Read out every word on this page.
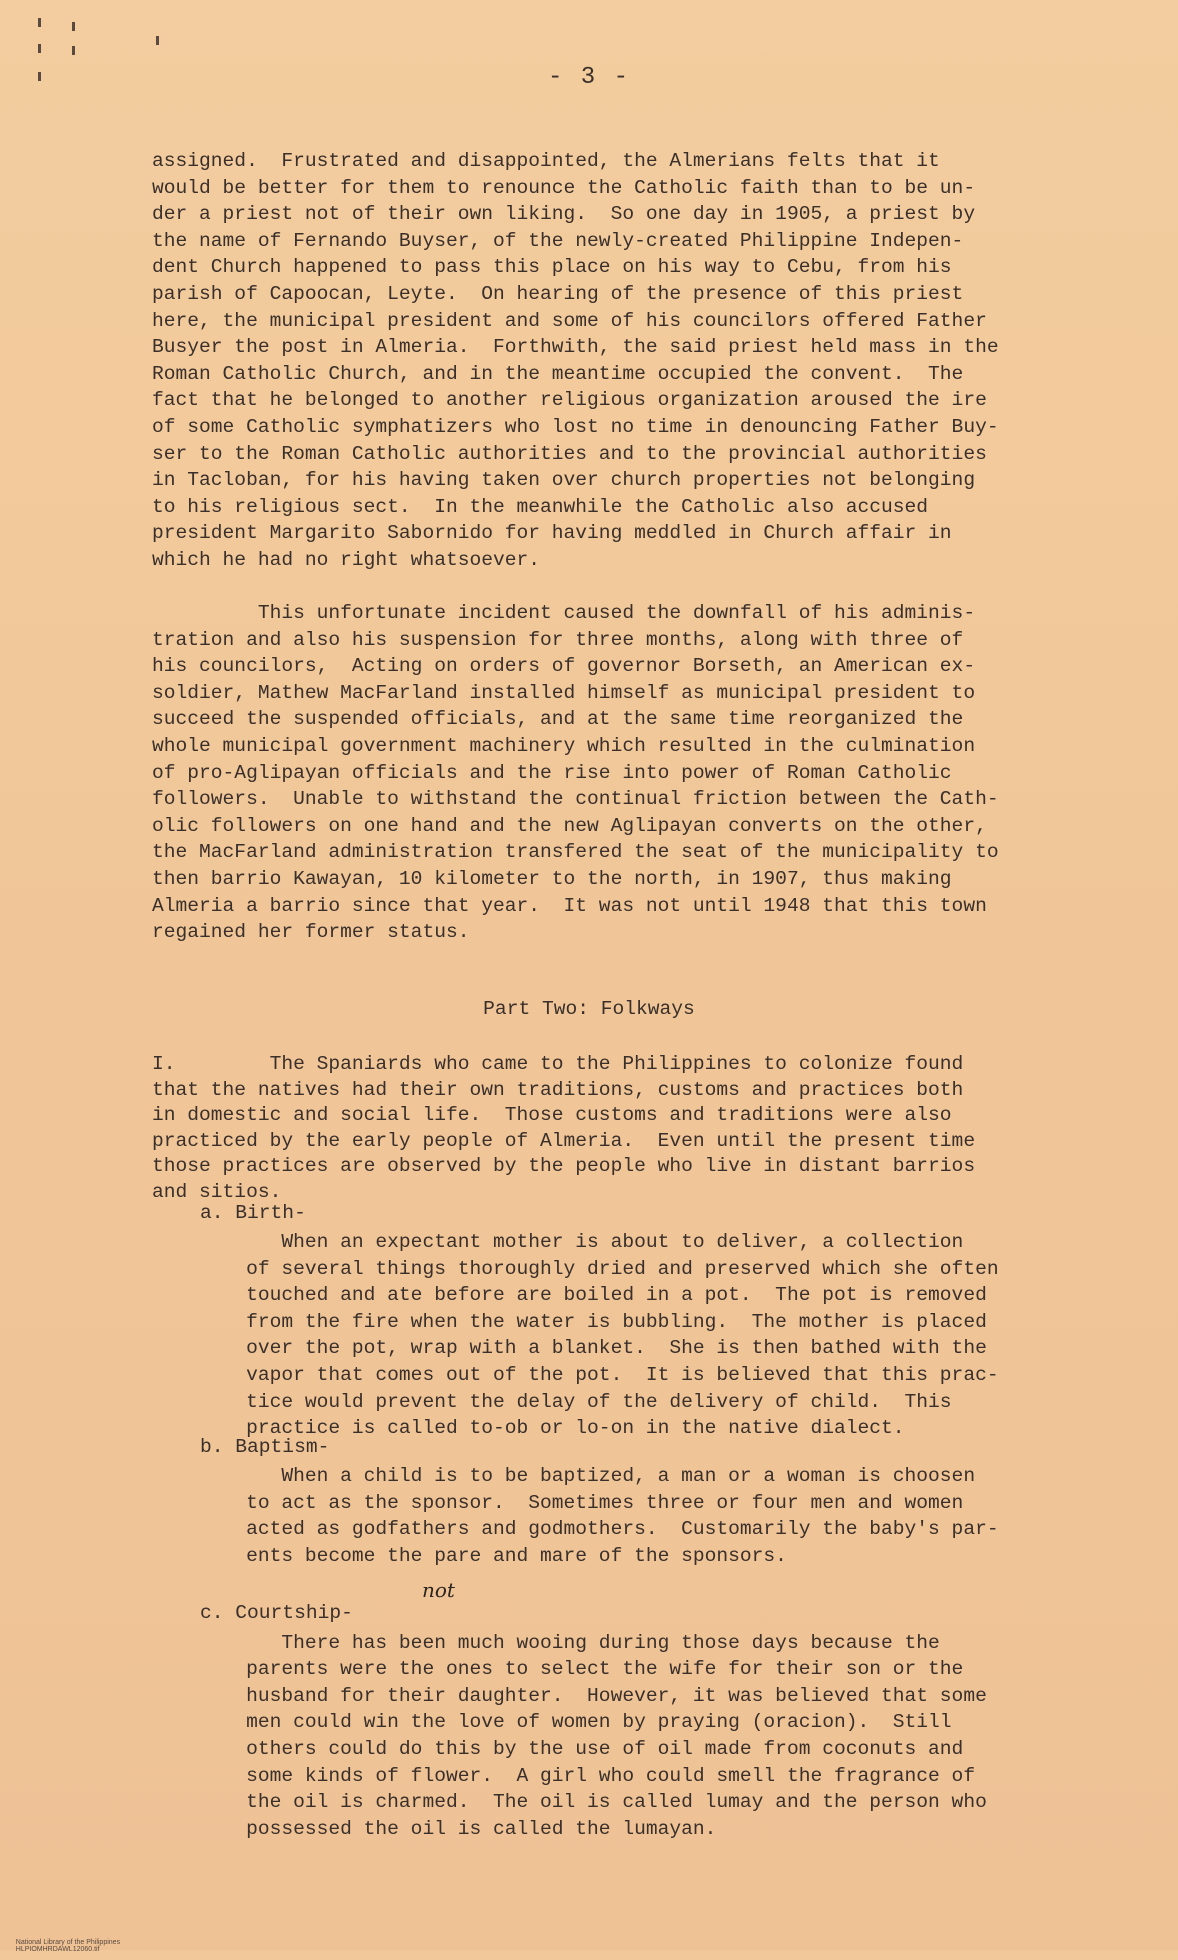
- 3 -
assigned.  Frustrated and disappointed, the Almerians felts that it
would be better for them to renounce the Catholic faith than to be un-
der a priest not of their own liking.  So one day in 1905, a priest by
the name of Fernando Buyser, of the newly-created Philippine Indepen-
dent Church happened to pass this place on his way to Cebu, from his
parish of Capoocan, Leyte.  On hearing of the presence of this priest
here, the municipal president and some of his councilors offered Father
Busyer the post in Almeria.  Forthwith, the said priest held mass in the
Roman Catholic Church, and in the meantime occupied the convent.  The
fact that he belonged to another religious organization aroused the ire
of some Catholic symphatizers who lost no time in denouncing Father Buy-
ser to the Roman Catholic authorities and to the provincial authorities
in Tacloban, for his having taken over church properties not belonging
to his religious sect.  In the meanwhile the Catholic also accused
president Margarito Sabornido for having meddled in Church affair in
which he had no right whatsoever.
This unfortunate incident caused the downfall of his adminis-
tration and also his suspension for three months, along with three of
his councilors,  Acting on orders of governor Borseth, an American ex-
soldier, Mathew MacFarland installed himself as municipal president to
succeed the suspended officials, and at the same time reorganized the
whole municipal government machinery which resulted in the culmination
of pro-Aglipayan officials and the rise into power of Roman Catholic
followers.  Unable to withstand the continual friction between the Cath-
olic followers on one hand and the new Aglipayan converts on the other,
the MacFarland administration transfered the seat of the municipality to
then barrio Kawayan, 10 kilometer to the north, in 1907, thus making
Almeria a barrio since that year.  It was not until 1948 that this town
regained her former status.
Part Two: Folkways
I.        The Spaniards who came to the Philippines to colonize found
that the natives had their own traditions, customs and practices both
in domestic and social life.  Those customs and traditions were also
practiced by the early people of Almeria.  Even until the present time
those practices are observed by the people who live in distant barrios
and sitios.
a. Birth-
When an expectant mother is about to deliver, a collection
of several things thoroughly dried and preserved which she often
touched and ate before are boiled in a pot.  The pot is removed
from the fire when the water is bubbling.  The mother is placed
over the pot, wrap with a blanket.  She is then bathed with the
vapor that comes out of the pot.  It is believed that this prac-
tice would prevent the delay of the delivery of child.  This
practice is called to-ob or lo-on in the native dialect.
b. Baptism-
When a child is to be baptized, a man or a woman is choosen
to act as the sponsor.  Sometimes three or four men and women
acted as godfathers and godmothers.  Customarily the baby's par-
ents become the pare and mare of the sponsors.
c. Courtship-
not

There has been much wooing during those days because the
parents were the ones to select the wife for their son or the
husband for their daughter.  However, it was believed that some
men could win the love of women by praying (oracion).  Still
others could do this by the use of oil made from coconuts and
some kinds of flower.  A girl who could smell the fragrance of
the oil is charmed.  The oil is called lumay and the person who
possessed the oil is called the lumayan.

National Library of the Philippines
HLPIOMHRDAWL12060.tif
